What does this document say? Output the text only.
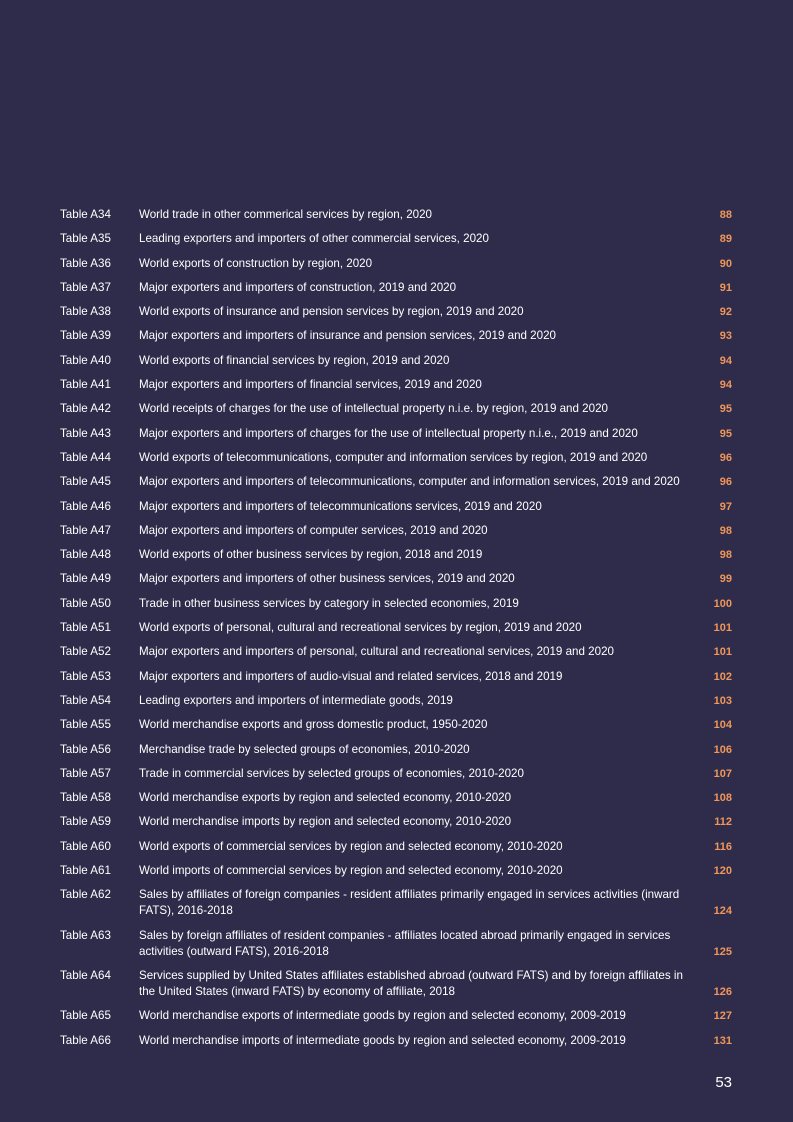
Table A34	World trade in other commerical services by region, 2020	88
Table A35	Leading exporters and importers of other commercial services, 2020	89
Table A36	World exports of construction by region, 2020	90
Table A37	Major exporters and importers of construction, 2019 and 2020	91
Table A38	World exports of insurance and pension services by region, 2019 and 2020	92
Table A39	Major exporters and importers of insurance and pension services, 2019 and 2020	93
Table A40	World exports of financial services by region, 2019 and 2020	94
Table A41	Major exporters and importers of financial services, 2019 and 2020	94
Table A42	World receipts of charges for the use of intellectual property n.i.e. by region, 2019 and 2020	95
Table A43	Major exporters and importers of charges for the use of intellectual property n.i.e., 2019 and 2020	95
Table A44	World exports of telecommunications, computer and information services by region, 2019 and 2020	96
Table A45	Major exporters and importers of telecommunications, computer and information services, 2019 and 2020	96
Table A46	Major exporters and importers of telecommunications services, 2019 and 2020	97
Table A47	Major exporters and importers of computer services, 2019 and 2020	98
Table A48	World exports of other business services by region, 2018 and 2019	98
Table A49	Major exporters and importers of other business services, 2019 and 2020	99
Table A50	Trade in other business services by category in selected economies, 2019	100
Table A51	World exports of personal, cultural and recreational services by region, 2019 and 2020	101
Table A52	Major exporters and importers of personal, cultural and recreational services, 2019 and 2020	101
Table A53	Major exporters and importers of audio-visual and related services, 2018 and 2019	102
Table A54	Leading exporters and importers of intermediate goods, 2019	103
Table A55	World merchandise exports and gross domestic product, 1950-2020	104
Table A56	Merchandise trade by selected groups of economies, 2010-2020	106
Table A57	Trade in commercial services by selected groups of economies, 2010-2020	107
Table A58	World merchandise exports by region and selected economy, 2010-2020	108
Table A59	World merchandise imports by region and selected economy, 2010-2020	112
Table A60	World exports of commercial services by region and selected economy, 2010-2020	116
Table A61	World imports of commercial services by region and selected economy, 2010-2020	120
Table A62	Sales by affiliates of foreign companies - resident affiliates primarily engaged in services activities (inward FATS), 2016-2018	124
Table A63	Sales by foreign affiliates of resident companies - affiliates located abroad primarily engaged in services activities (outward FATS), 2016-2018	125
Table A64	Services supplied by United States affiliates established abroad (outward FATS) and by foreign affiliates in the United States (inward FATS) by economy of affiliate, 2018	126
Table A65	World merchandise exports of intermediate goods by region and selected economy, 2009-2019	127
Table A66	World merchandise imports of intermediate goods by region and selected economy, 2009-2019	131
53
